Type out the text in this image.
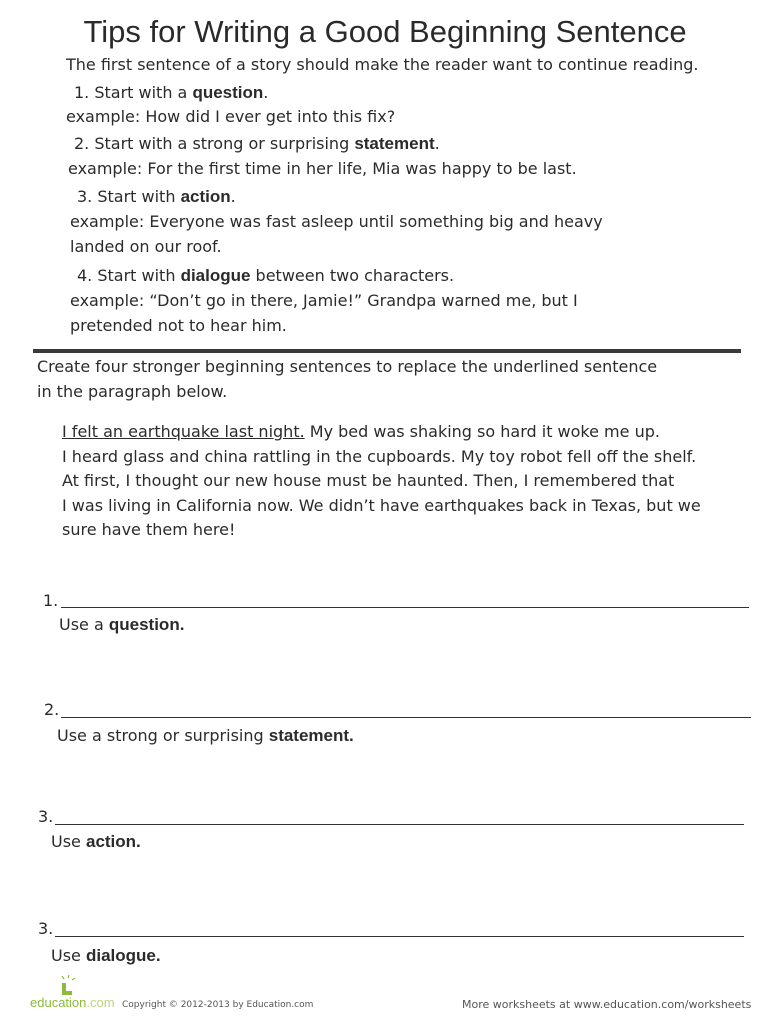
Tips for Writing a Good Beginning Sentence
The first sentence of a story should make the reader want to continue reading.
1. Start with a question.
example: How did I ever get into this fix?
2. Start with a strong or surprising statement.
example: For the first time in her life, Mia was happy to be last.
3. Start with action.
example: Everyone was fast asleep until something big and heavy
landed on our roof.
4. Start with dialogue between two characters.
example: “Don’t go in there, Jamie!” Grandpa warned me, but I
pretended not to hear him.
Create four stronger beginning sentences to replace the underlined sentence
in the paragraph below.
I felt an earthquake last night. My bed was shaking so hard it woke me up.
I heard glass and china rattling in the cupboards. My toy robot fell off the shelf.
At first, I thought our new house must be haunted. Then, I remembered that
I was living in California now. We didn’t have earthquakes back in Texas, but we
sure have them here!
1.
Use a question.
2.
Use a strong or surprising statement.
3.
Use action.
3.
Use dialogue.
education.com Copyright © 2012-2013 by Education.com	More worksheets at www.education.com/worksheets
